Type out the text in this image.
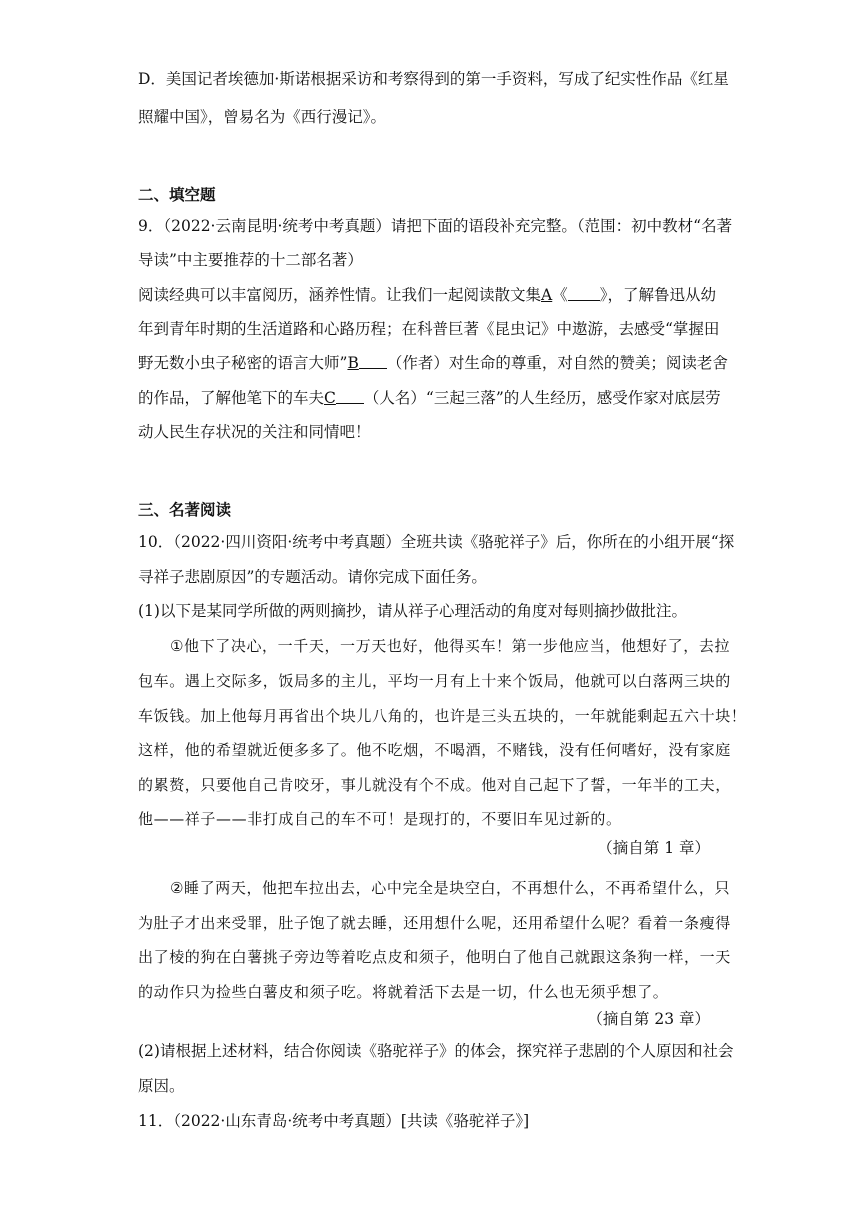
D．美国记者埃德加·斯诺根据采访和考察得到的第一手资料，写成了纪实性作品《红星
照耀中国》，曾易名为《西行漫记》。
二、填空题
9．（2022·云南昆明·统考中考真题）请把下面的语段补充完整。（范围：初中教材“名著
导读”中主要推荐的十二部名著）
阅读经典可以丰富阅历，涵养性情。让我们一起阅读散文集A《 》，了解鲁迅从幼
年到青年时期的生活道路和心路历程；在科普巨著《昆虫记》中遨游，去感受“掌握田
野无数小虫子秘密的语言大师”B （作者）对生命的尊重，对自然的赞美；阅读老舍
的作品，了解他笔下的车夫C （人名）“三起三落”的人生经历，感受作家对底层劳
动人民生存状况的关注和同情吧！
三、名著阅读
10．（2022·四川资阳·统考中考真题）全班共读《骆驼祥子》后，你所在的小组开展“探
寻祥子悲剧原因”的专题活动。请你完成下面任务。
(1)以下是某同学所做的两则摘抄，请从祥子心理活动的角度对每则摘抄做批注。
①他下了决心，一千天，一万天也好，他得买车！第一步他应当，他想好了，去拉
包车。遇上交际多，饭局多的主儿，平均一月有上十来个饭局，他就可以白落两三块的
车饭钱。加上他每月再省出个块儿八角的，也许是三头五块的，一年就能剩起五六十块！
这样，他的希望就近便多多了。他不吃烟，不喝酒，不赌钱，没有任何嗜好，没有家庭
的累赘，只要他自己肯咬牙，事儿就没有个不成。他对自己起下了誓，一年半的工夫，
他——祥子——非打成自己的车不可！是现打的，不要旧车见过新的。
（摘自第 1 章）
②睡了两天，他把车拉出去，心中完全是块空白，不再想什么，不再希望什么，只
为肚子才出来受罪，肚子饱了就去睡，还用想什么呢，还用希望什么呢？看着一条瘦得
出了棱的狗在白薯挑子旁边等着吃点皮和须子，他明白了他自己就跟这条狗一样，一天
的动作只为捡些白薯皮和须子吃。将就着活下去是一切，什么也无须乎想了。
（摘自第 23 章）
(2)请根据上述材料，结合你阅读《骆驼祥子》的体会，探究祥子悲剧的个人原因和社会
原因。
11．（2022·山东青岛·统考中考真题）[共读《骆驼祥子》]
